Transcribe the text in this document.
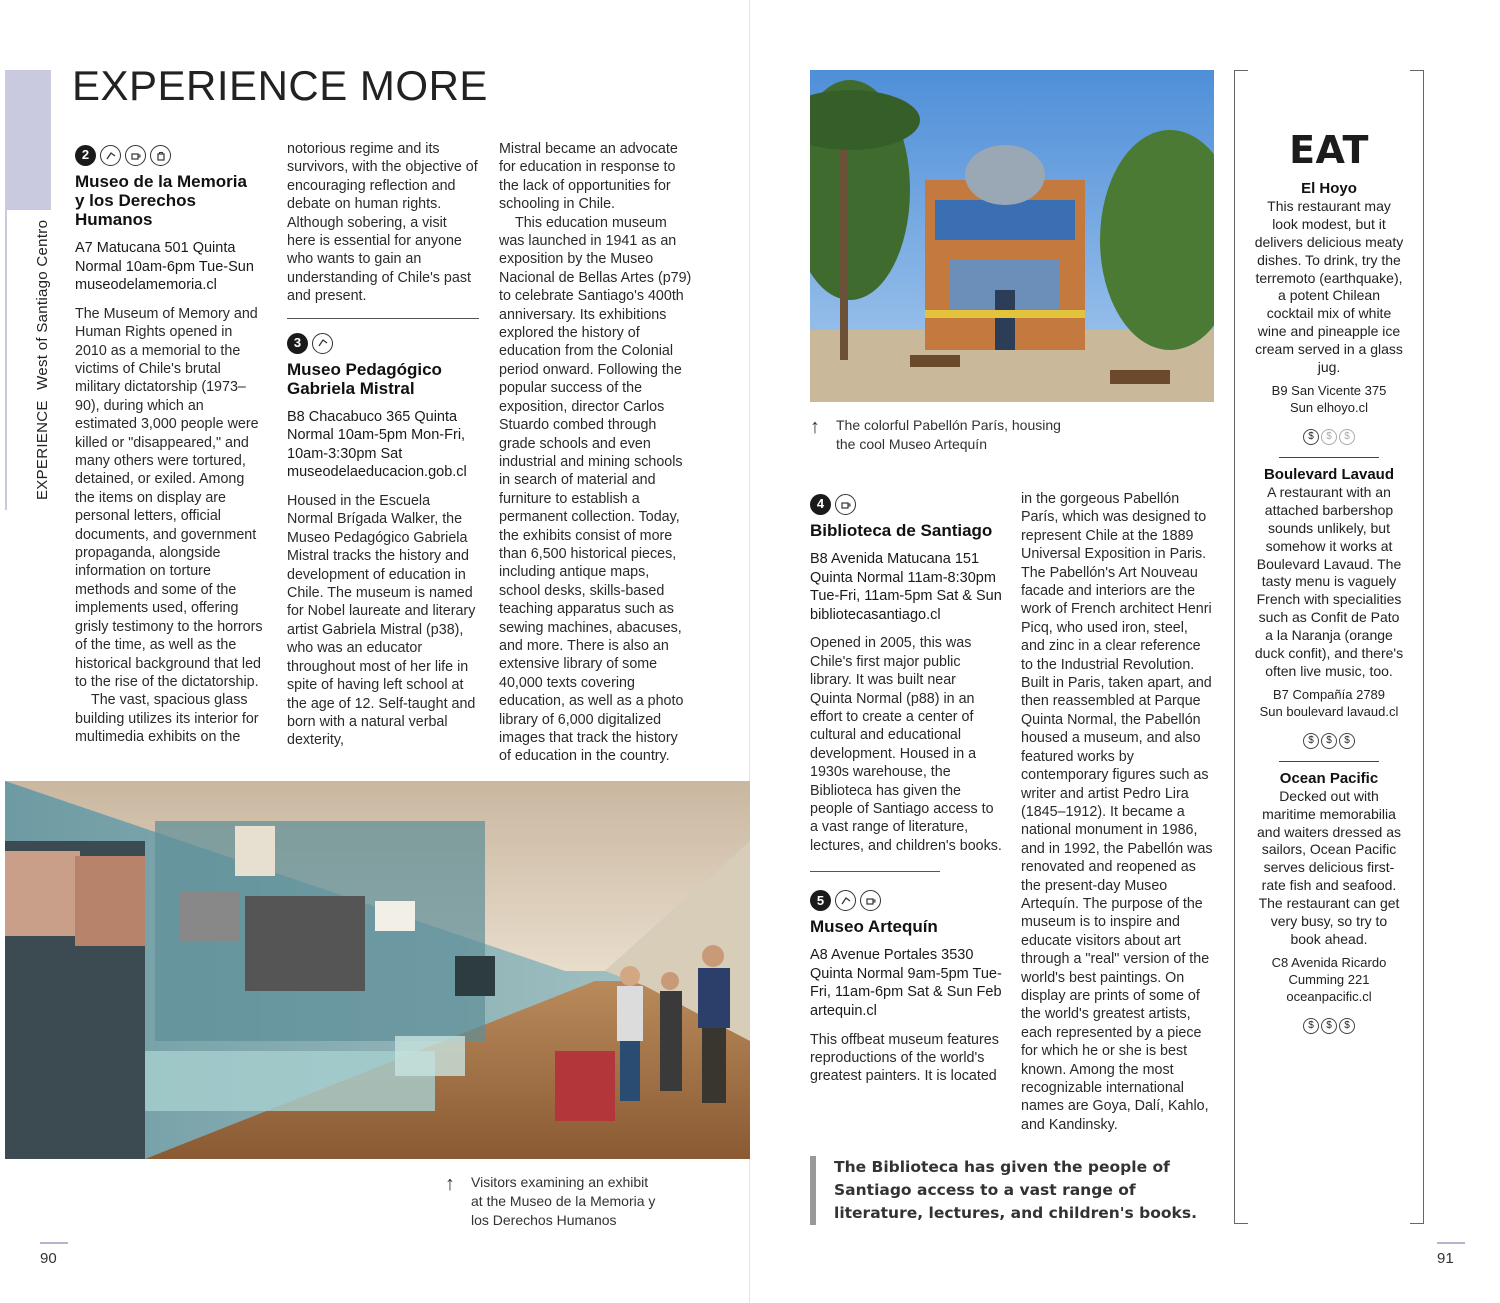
EXPERIENCE West of Santiago Centro
EXPERIENCE MORE
2
Museo de la Memoria
y los Derechos
Humanos
A7 Matucana 501 Quinta Normal 10am-6pm Tue-Sun museodelamemoria.cl

The Museum of Memory and Human Rights opened in 2010 as a memorial to the victims of Chile's brutal military dictatorship (1973–90), during which an estimated 3,000 people were killed or "disappeared," and many others were tortured, detained, or exiled. Among the items on display are personal letters, official documents, and government propaganda, alongside information on torture methods and some of the implements used, offering grisly testimony to the horrors of the time, as well as the historical background that led to the rise of the dictatorship.

The vast, spacious glass building utilizes its interior for multimedia exhibits on the

notorious regime and its survivors, with the objective of encouraging reflection and debate on human rights. Although sobering, a visit here is essential for anyone who wants to gain an understanding of Chile's past and present.

3
Museo Pedagógico
Gabriela Mistral
B8 Chacabuco 365 Quinta Normal 10am-5pm Mon-Fri, 10am-3:30pm Sat museodelaeducacion.gob.cl

Housed in the Escuela Normal Brígada Walker, the Museo Pedagógico Gabriela Mistral tracks the history and development of education in Chile. The museum is named for Nobel laureate and literary artist Gabriela Mistral (p38), who was an educator throughout most of her life in spite of having left school at the age of 12. Self-taught and born with a natural verbal dexterity,

Mistral became an advocate for education in response to the lack of opportunities for schooling in Chile.

This education museum was launched in 1941 as an exposition by the Museo Nacional de Bellas Artes (p79) to celebrate Santiago's 400th anniversary. Its exhibitions explored the history of education from the Colonial period onward. Following the popular success of the exposition, director Carlos Stuardo combed through grade schools and even industrial and mining schools in search of material and furniture to establish a permanent collection. Today, the exhibits consist of more than 6,500 historical pieces, including antique maps, school desks, skills-based teaching apparatus such as sewing machines, abacuses, and more. There is also an extensive library of some 40,000 texts covering education, as well as a photo library of 6,000 digitalized images that track the history of education in the country.

↑ Visitors examining an exhibit
at the Museo de la Memoria y
los Derechos Humanos
90
↑ The colorful Pabellón París, housing
the cool Museo Artequín
4
Biblioteca de Santiago
B8 Avenida Matucana 151 Quinta Normal 11am-8:30pm Tue-Fri, 11am-5pm Sat & Sun bibliotecasantiago.cl

Opened in 2005, this was Chile's first major public library. It was built near Quinta Normal (p88) in an effort to create a center of cultural and educational development. Housed in a 1930s warehouse, the Biblioteca has given the people of Santiago access to a vast range of literature, lectures, and children's books.

5
Museo Artequín
A8 Avenue Portales 3530 Quinta Normal 9am-5pm Tue-Fri, 11am-6pm Sat & Sun Feb artequin.cl

This offbeat museum features reproductions of the world's greatest painters. It is located

in the gorgeous Pabellón París, which was designed to represent Chile at the 1889 Universal Exposition in Paris. The Pabellón's Art Nouveau facade and interiors are the work of French architect Henri Picq, who used iron, steel, and zinc in a clear reference to the Industrial Revolution. Built in Paris, taken apart, and then reassembled at Parque Quinta Normal, the Pabellón housed a museum, and also featured works by contemporary figures such as writer and artist Pedro Lira (1845–1912). It became a national monument in 1986, and in 1992, the Pabellón was renovated and reopened as the present-day Museo Artequín. The purpose of the museum is to inspire and educate visitors about art through a "real" version of the world's best paintings. On display are prints of some of the world's greatest artists, each represented by a piece for which he or she is best known. Among the most recognizable international names are Goya, Dalí, Kahlo, and Kandinsky.

The Biblioteca has given the people of Santiago access to a vast range of literature, lectures, and children's books.
EAT
El Hoyo
This restaurant may look modest, but it delivers delicious meaty dishes. To drink, try the terremoto (earthquake), a potent Chilean cocktail mix of white wine and pineapple ice cream served in a glass jug.
B9 San Vicente 375
Sun elhoyo.cl
$ $ $
Boulevard Lavaud
A restaurant with an attached barbershop sounds unlikely, but somehow it works at Boulevard Lavaud. The tasty menu is vaguely French with specialities such as Confit de Pato a la Naranja (orange duck confit), and there's often live music, too.
B7 Compañía 2789
Sun boulevard lavaud.cl
$ $ $
Ocean Pacific
Decked out with maritime memorabilia and waiters dressed as sailors, Ocean Pacific serves delicious first-rate fish and seafood. The restaurant can get very busy, so try to book ahead.
C8 Avenida Ricardo Cumming 221
oceanpacific.cl
$ $ $
91
